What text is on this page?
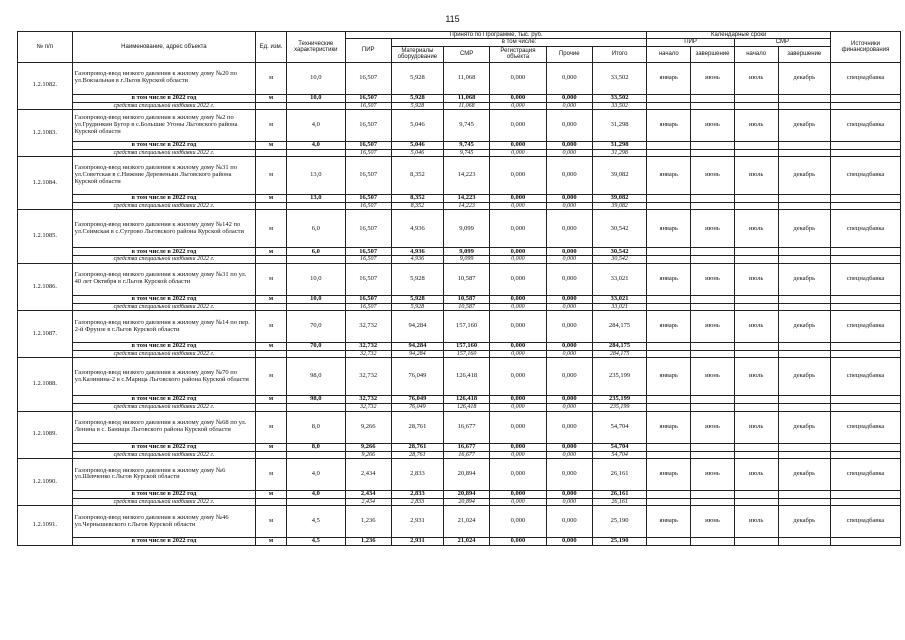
115
№ п/п	Наименование, адрес объекта	Ед. изм.	Технические характеристики	Принято по Программе, тыс. руб.						Календарные сроки				Источники финансирования
				ПИР	в том числе:					ПИР		СМР		
					Материалы оборудование	СМР	Регистрация объекта	Прочие	Итого	начало	завершение	начало	завершение	
1.2.1082.	Газопровод-ввод низкого давления к жилому дому №20 по ул.Вокзальная в г.Льгов Курской области	м	10,0	16,507	5,928	11,068	0,000	0,000	33,502	январь	июнь	июль	декабрь	спецнадбавка
	в том числе в 2022 год	м	10,0	16,507	5,928	11,068	0,000	0,000	33,502					
	средства специальной надбавки 2022 г.			16,507	5,928	11,068	0,000	0,000	33,502					
1.2.1083.	Газопровод-ввод низкого давления к жилому дому №2 по ул.Грудинкин Бугор в с.Большие Угоны Льговского района Курской области	м	4,0	16,507	5,046	9,745	0,000	0,000	31,298	январь	июнь	июль	декабрь	спецнадбавка
	в том числе в 2022 год	м	4,0	16,507	5,046	9,745	0,000	0,000	31,298					
	средства специальной надбавки 2022 г.			16,507	5,046	9,745	0,000	0,000	31,298					
1.2.1084.	Газопровод-ввод низкого давления к жилому дому №31 по ул.Советская в с.Нижние Деревеньки Льговского района Курской области	м	13,0	16,507	8,352	14,223	0,000	0,000	39,082	январь	июнь	июль	декабрь	спецнадбавка
	в том числе в 2022 год	м	13,0	16,507	8,352	14,223	0,000	0,000	39,082					
	средства специальной надбавки 2022 г.			16,507	8,352	14,223	0,000	0,000	39,082					
1.2.1085.	Газопровод-ввод низкого давления к жилому дому №142 по ул.Сеимская в с.Сугрово Льговского района Курской области	м	6,0	16,507	4,936	9,099	0,000	0,000	30,542	январь	июнь	июль	декабрь	спецнадбавка
	в том числе в 2022 год	м	6,0	16,507	4,936	9,099	0,000	0,000	30,542					
	средства специальной надбавки 2022 г.			16,507	4,936	9,099	0,000	0,000	30,542					
1.2.1086.	Газопровод-ввод низкого давления к жилому дому №31 по ул. 40 лет Октября в г.Льгов Курской области	м	10,0	16,507	5,928	10,587	0,000	0,000	33,021	январь	июнь	июль	декабрь	спецнадбавка
	в том числе в 2022 год	м	10,0	16,507	5,928	10,587	0,000	0,000	33,021					
	средства специальной надбавки 2022 г.			16,507	5,928	10,587	0,000	0,000	33,021					
1.2.1087.	Газопровод-ввод низкого давления к жилому дому №14 по пер. 2-й Фрунзе в г.Льгов Курской области	м	70,0	32,732	94,284	157,160	0,000	0,000	284,175	январь	июнь	июль	декабрь	спецнадбавка
	в том числе в 2022 год	м	70,0	32,732	94,284	157,160	0,000	0,000	284,175					
	средства специальной надбавки 2022 г.			32,732	94,284	157,160	0,000	0,000	284,175					
1.2.1088.	Газопровод-ввод низкого давления к жилому дому №70 по ул.Калинина-2 в с.Марица Льговского района Курской области	м	98,0	32,732	76,049	126,418	0,000	0,000	235,199	январь	июнь	июль	декабрь	спецнадбавка
	в том числе в 2022 год	м	98,0	32,732	76,049	126,418	0,000	0,000	235,199					
	средства специальной надбавки 2022 г.			32,732	76,049	126,418	0,000	0,000	235,199					
1.2.1089.	Газопровод-ввод низкого давления к жилому дому №68 по ул. Ленина в с. Банищи Льговского района Курской области	м	8,0	9,266	28,761	16,677	0,000	0,000	54,704	январь	июнь	июль	декабрь	спецнадбавка
	в том числе в 2022 год	м	8,0	9,266	28,761	16,677	0,000	0,000	54,704					
	средства специальной надбавки 2022 г.			9,266	28,761	16,677	0,000	0,000	54,704					
1.2.1090.	Газопровод-ввод низкого давления к жилому дому №6 ул.Шевченко г.Льгов Курской области	м	4,0	2,434	2,833	20,894	0,000	0,000	26,161	январь	июнь	июль	декабрь	спецнадбавка
	в том числе в 2022 год	м	4,0	2,434	2,833	20,894	0,000	0,000	26,161					
	средства специальной надбавки 2022 г.			2,434	2,833	20,894	0,000	0,000	26,161					
1.2.1091.	Газопровод-ввод низкого давления к жилому дому №46 ул.Чернышевского г.Льгов Курской области	м	4,5	1,236	2,931	21,024	0,000	0,000	25,190	январь	июнь	июль	декабрь	спецнадбавка
	в том числе в 2022 год	м	4,5	1,236	2,931	21,024	0,000	0,000	25,190					
